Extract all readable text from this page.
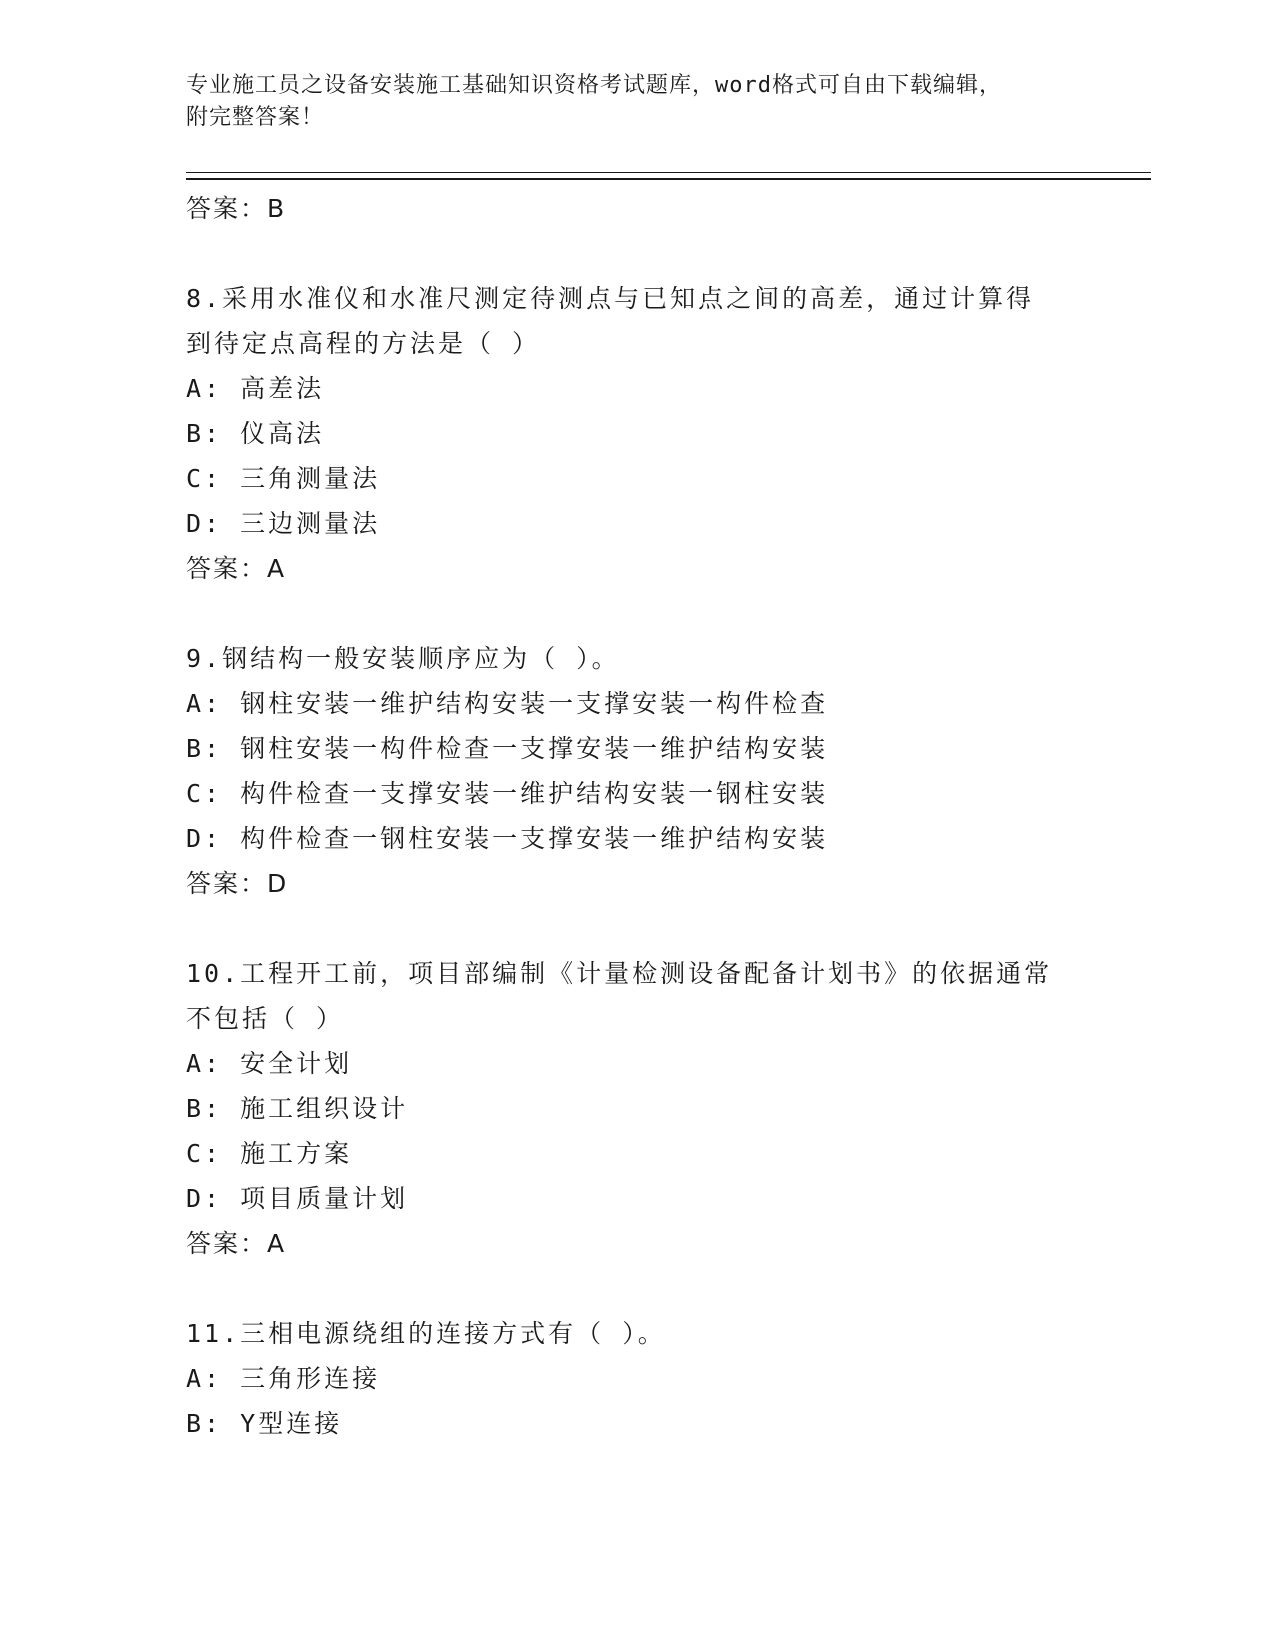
专业施工员之设备安装施工基础知识资格考试题库，word格式可自由下载编辑，
附完整答案！

答案：B
8.采用水准仪和水准尺测定待测点与已知点之间的高差，通过计算得
到待定点高程的方法是（ ）
A: 高差法
B: 仪高法
C: 三角测量法
D: 三边测量法
答案：A
9.钢结构一般安装顺序应为（ ）。
A: 钢柱安装一维护结构安装一支撑安装一构件检查
B: 钢柱安装一构件检查一支撑安装一维护结构安装
C: 构件检查一支撑安装一维护结构安装一钢柱安装
D: 构件检查一钢柱安装一支撑安装一维护结构安装
答案：D
10.工程开工前，项目部编制《计量检测设备配备计划书》的依据通常
不包括（ ）
A: 安全计划
B: 施工组织设计
C: 施工方案
D: 项目质量计划
答案：A
11.三相电源绕组的连接方式有（ ）。
A: 三角形连接
B: Y型连接
